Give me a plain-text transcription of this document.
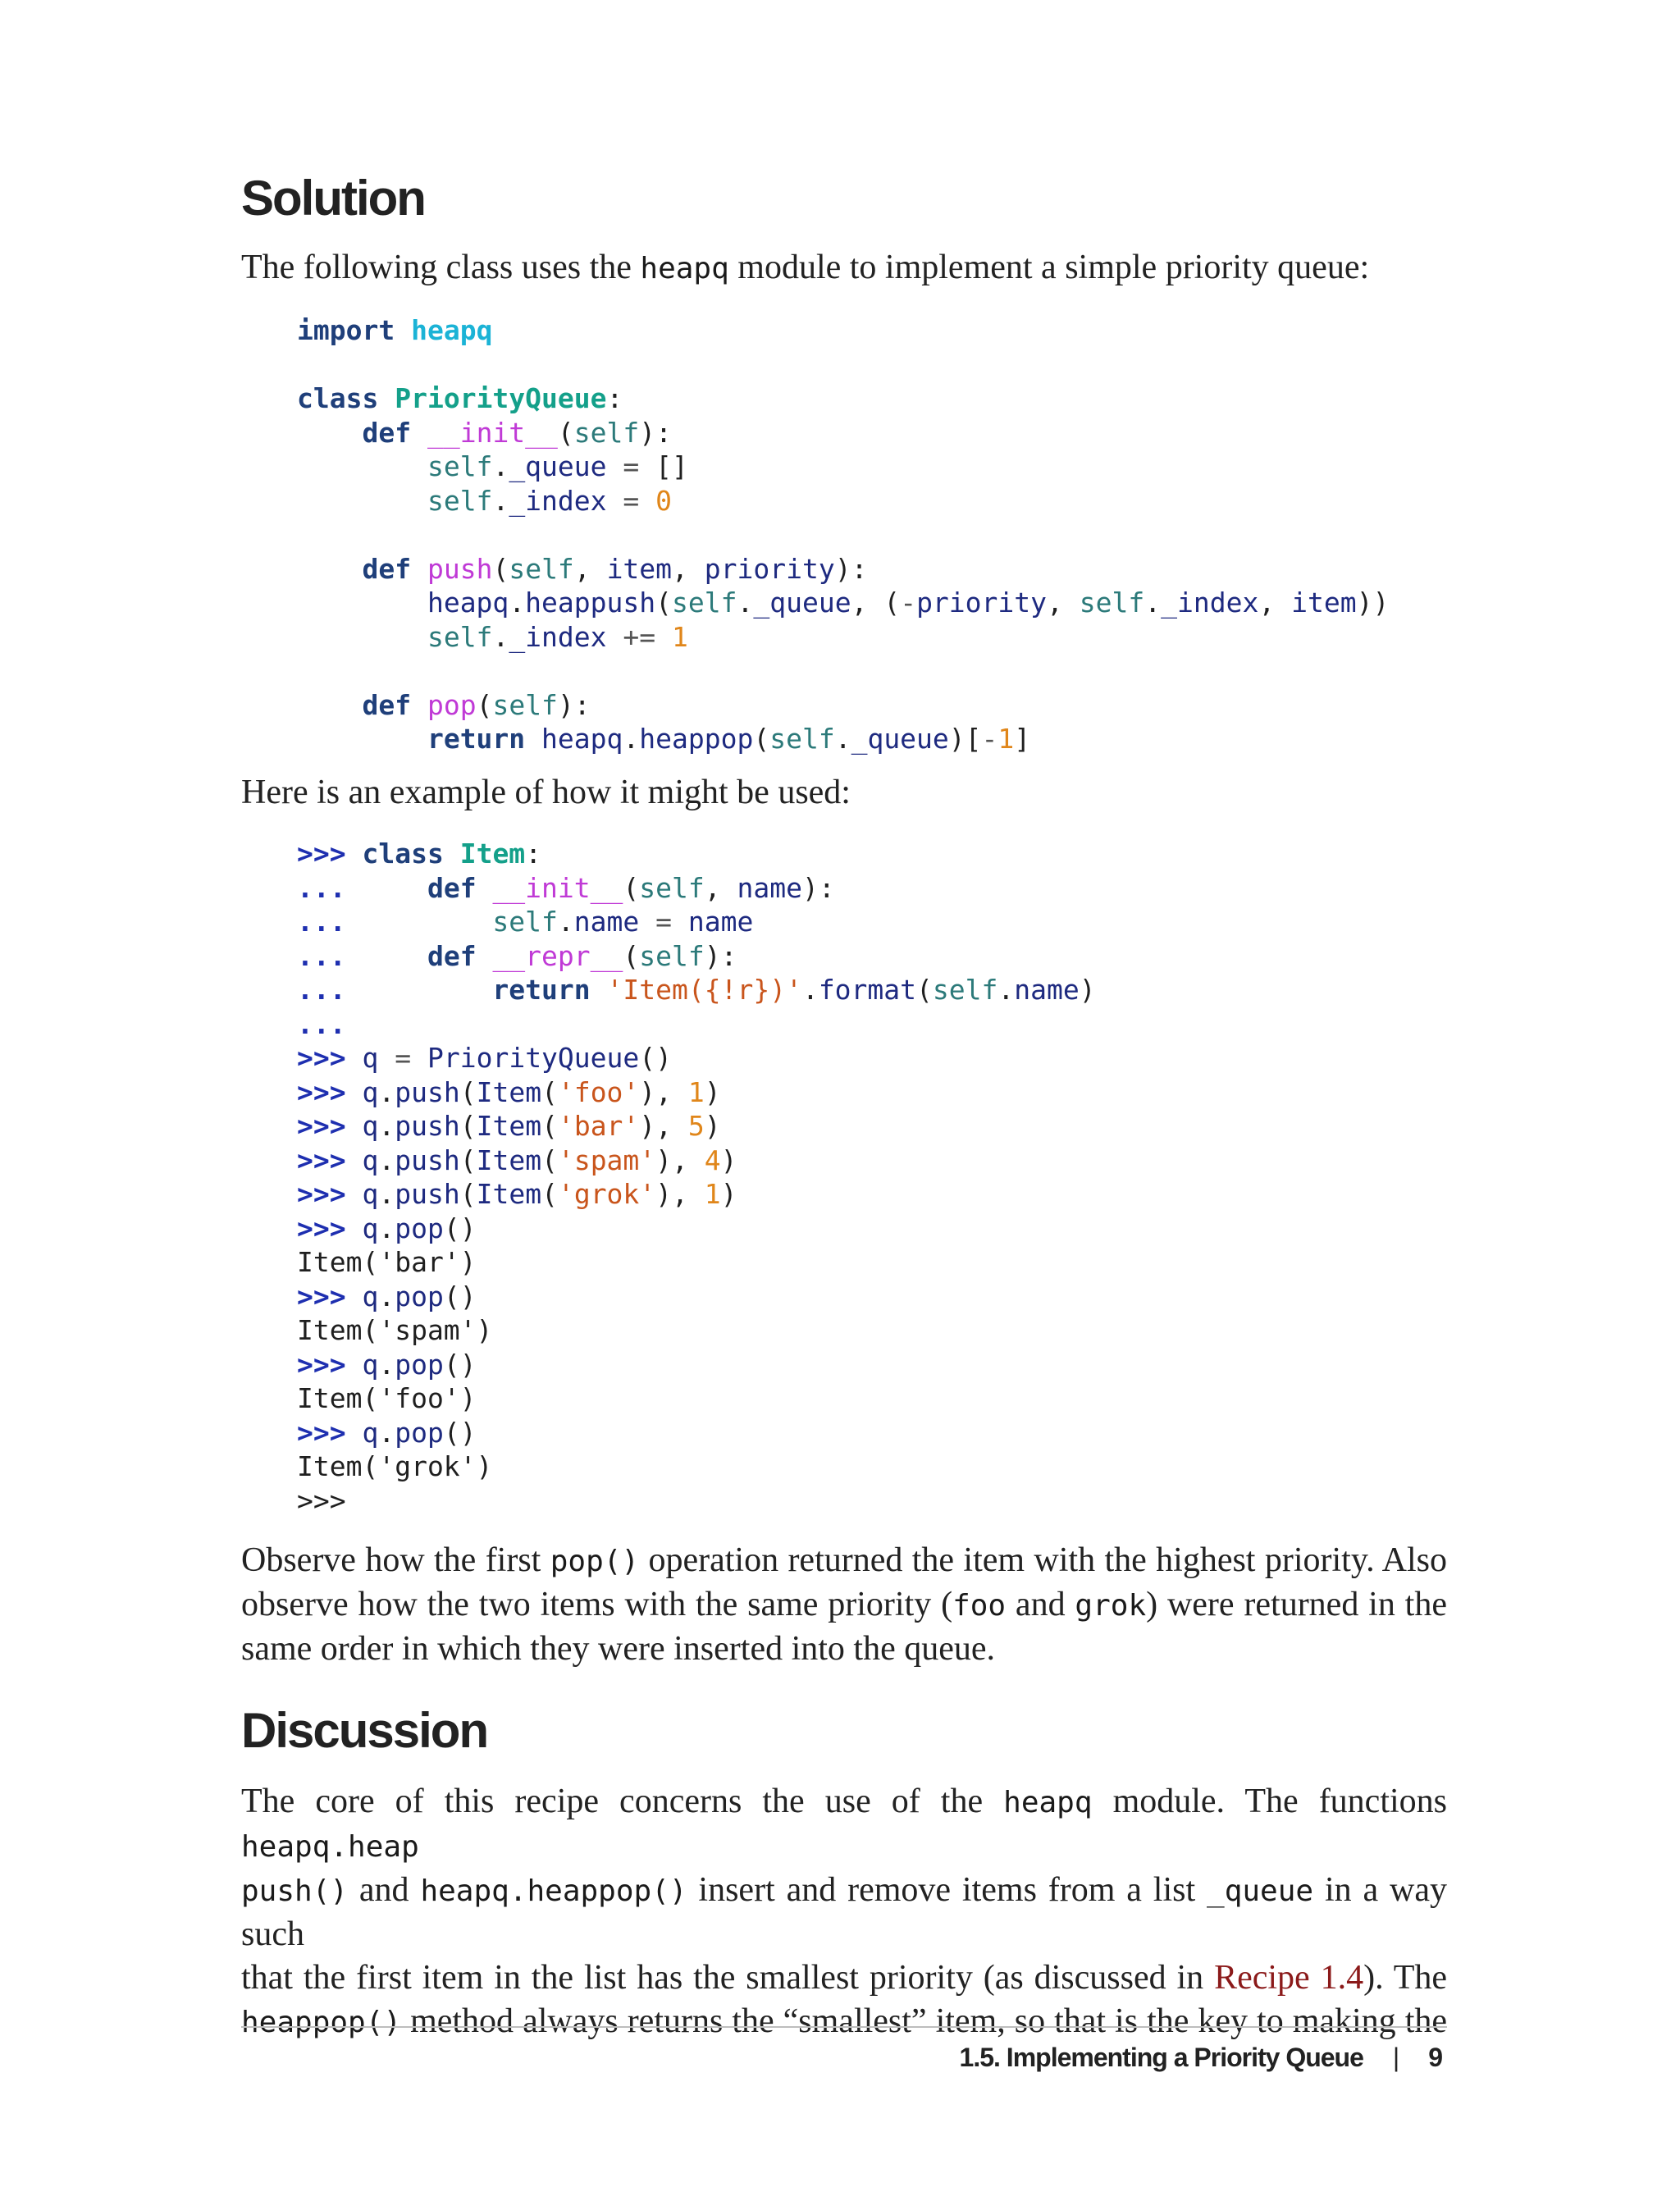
Solution

The following class uses the heapq module to implement a simple priority queue:

import heapq

class PriorityQueue:
def __init__(self):
self._queue = []
self._index = 0

def push(self, item, priority):
heapq.heappush(self._queue, (-priority, self._index, item))
self._index += 1

def pop(self):
return heapq.heappop(self._queue)[-1]

Here is an example of how it might be used:

>>> class Item:
...	def __init__(self, name):
...	self.name = name
...	def __repr__(self):
...	return 'Item({!r})'.format(self.name)
...
>>> q = PriorityQueue()
>>> q.push(Item('foo'), 1)
>>> q.push(Item('bar'), 5)
>>> q.push(Item('spam'), 4)
>>> q.push(Item('grok'), 1)
>>> q.pop()
Item('bar')
>>> q.pop()
Item('spam')
>>> q.pop()
Item('foo')
>>> q.pop()
Item('grok')
>>>

Observe how the first pop() operation returned the item with the highest priority. Also observe how the two items with the same priority (foo and grok) were returned in the same order in which they were inserted into the queue.

Discussion

The core of this recipe concerns the use of the heapq module. The functions heapq.heap
push() and heapq.heappop() insert and remove items from a list _queue in a way such
that the first item in the list has the smallest priority (as discussed in Recipe 1.4). The
heappop() method always returns the “smallest” item, so that is the key to making the

1.5. Implementing a Priority Queue | 9
